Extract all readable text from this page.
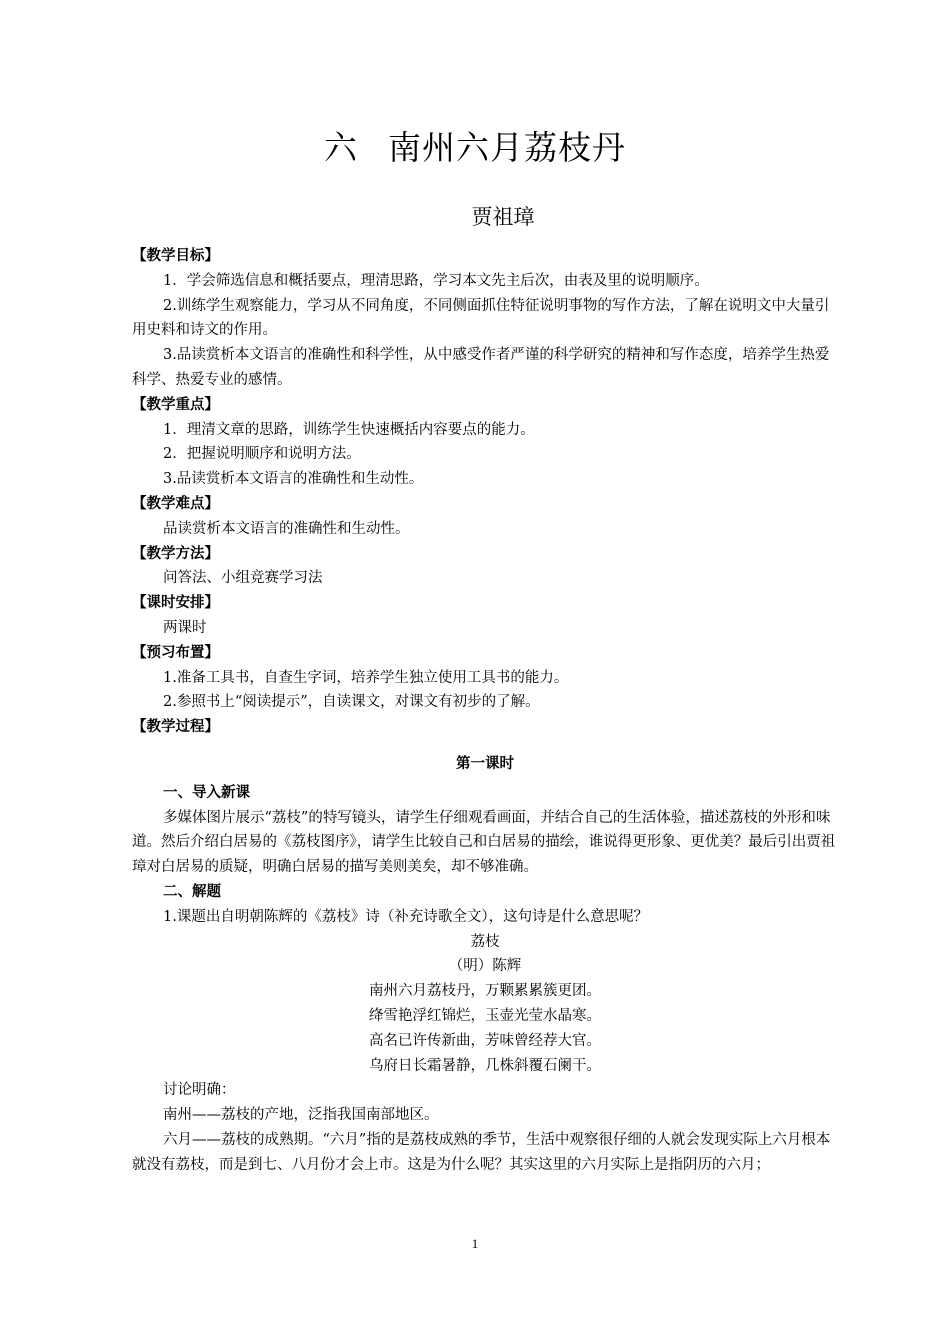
六 南州六月荔枝丹
贾祖璋

【教学目标】

1．学会筛选信息和概括要点，理清思路，学习本文先主后次，由表及里的说明顺序。

2.训练学生观察能力，学习从不同角度，不同侧面抓住特征说明事物的写作方法，了解在说明文中大量引用史料和诗文的作用。

3.品读赏析本文语言的准确性和科学性，从中感受作者严谨的科学研究的精神和写作态度，培养学生热爱科学、热爱专业的感情。

【教学重点】

1．理清文章的思路，训练学生快速概括内容要点的能力。

2．把握说明顺序和说明方法。

3.品读赏析本文语言的准确性和生动性。

【教学难点】

品读赏析本文语言的准确性和生动性。

【教学方法】

问答法、小组竞赛学习法

【课时安排】

两课时

【预习布置】

1.准备工具书，自查生字词，培养学生独立使用工具书的能力。

2.参照书上“阅读提示”，自读课文，对课文有初步的了解。

【教学过程】

第一课时

一、导入新课

多媒体图片展示“荔枝”的特写镜头，请学生仔细观看画面，并结合自己的生活体验，描述荔枝的外形和味道。然后介绍白居易的《荔枝图序》，请学生比较自己和白居易的描绘，谁说得更形象、更优美？最后引出贾祖璋对白居易的质疑，明确白居易的描写美则美矣，却不够准确。

二、解题

1.课题出自明朝陈辉的《荔枝》诗（补充诗歌全文），这句诗是什么意思呢？

荔枝

（明）陈辉

南州六月荔枝丹，万颗累累簇更团。

绛雪艳浮红锦烂，玉壶光莹水晶寒。

高名已许传新曲，芳味曾经荐大官。

乌府日长霜暑静，几株斜覆石阑干。

讨论明确：

南州——荔枝的产地，泛指我国南部地区。

六月——荔枝的成熟期。“六月”指的是荔枝成熟的季节，生活中观察很仔细的人就会发现实际上六月根本就没有荔枝，而是到七、八月份才会上市。这是为什么呢？其实这里的六月实际上是指阴历的六月；

1
